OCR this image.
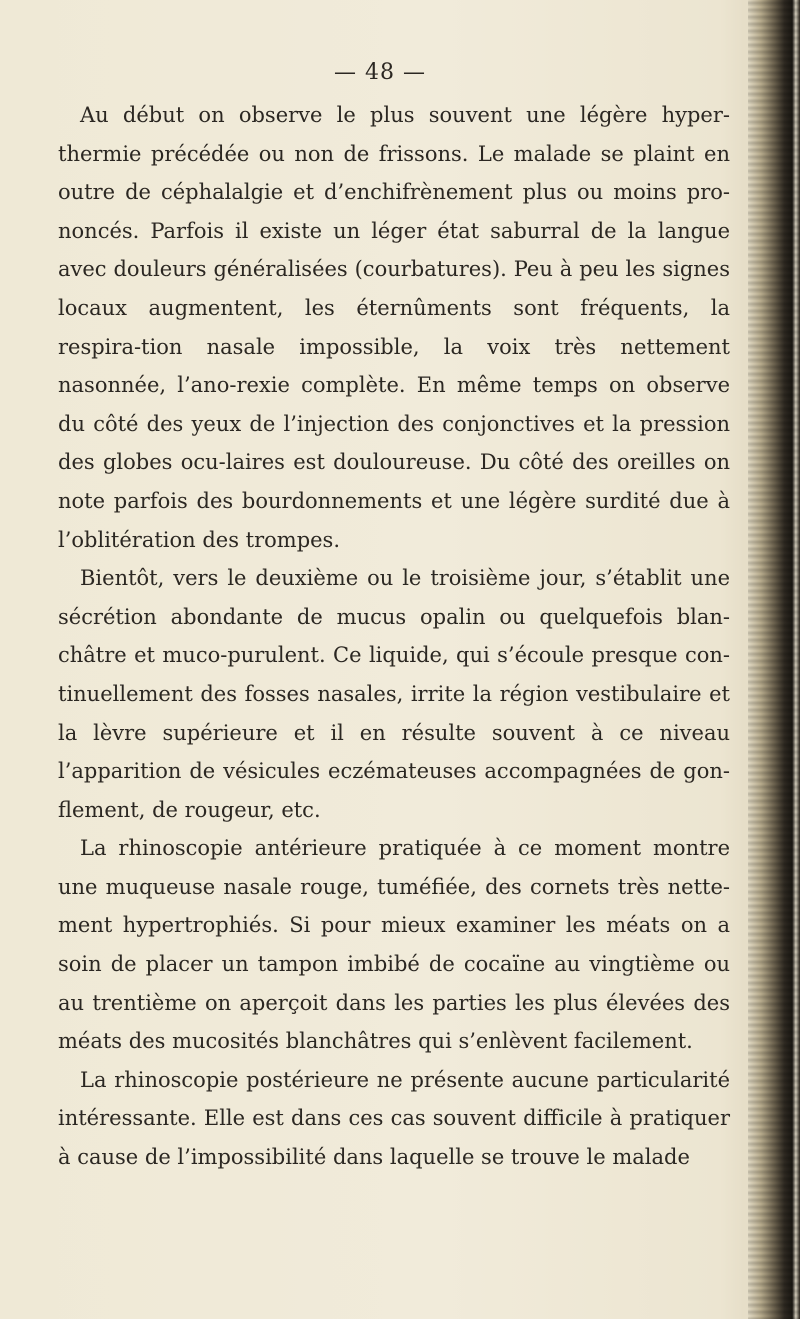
— 48 —

Au début on observe le plus souvent une légère hyper-thermie précédée ou non de frissons. Le malade se plaint en outre de céphalalgie et d’enchifrènement plus ou moins pro-noncés. Parfois il existe un léger état saburral de la langue avec douleurs généralisées (courbatures). Peu à peu les signes locaux augmentent, les éternûments sont fréquents, la respira-tion nasale impossible, la voix très nettement nasonnée, l’ano-rexie complète. En même temps on observe du côté des yeux de l’injection des conjonctives et la pression des globes ocu-laires est douloureuse. Du côté des oreilles on note parfois des bourdonnements et une légère surdité due à l’oblitération des trompes.

Bientôt, vers le deuxième ou le troisième jour, s’établit une sécrétion abondante de mucus opalin ou quelquefois blan-châtre et muco-purulent. Ce liquide, qui s’écoule presque con-tinuellement des fosses nasales, irrite la région vestibulaire et la lèvre supérieure et il en résulte souvent à ce niveau l’apparition de vésicules eczémateuses accompagnées de gon-flement, de rougeur, etc.

La rhinoscopie antérieure pratiquée à ce moment montre une muqueuse nasale rouge, tuméfiée, des cornets très nette-ment hypertrophiés. Si pour mieux examiner les méats on a soin de placer un tampon imbibé de cocaïne au vingtième ou au trentième on aperçoit dans les parties les plus élevées des méats des mucosités blanchâtres qui s’enlèvent facilement.

La rhinoscopie postérieure ne présente aucune particularité intéressante. Elle est dans ces cas souvent difficile à pratiquer à cause de l’impossibilité dans laquelle se trouve le malade
